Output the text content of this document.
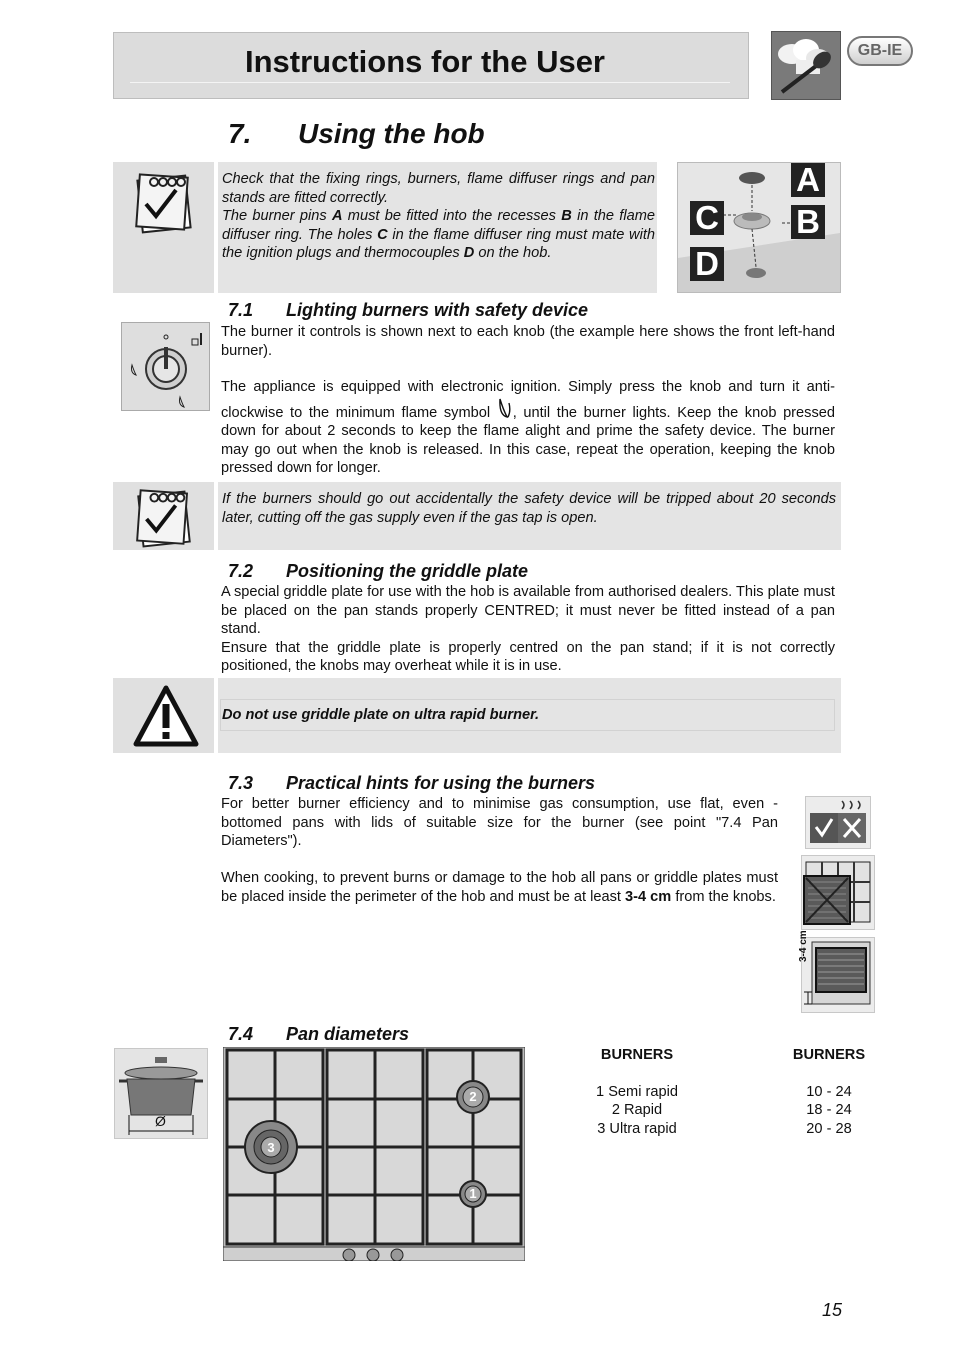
Instructions for the User	GB-IE
7. Using the hob
Check that the fixing rings, burners, flame diffuser rings and pan stands are fitted correctly.
The burner pins A must be fitted into the recesses B in the flame diffuser ring. The holes C in the flame diffuser ring must mate with the ignition plugs and thermocouples D on the hob.
A
B
C
D
7.1 Lighting burners with safety device
The burner it controls is shown next to each knob (the example here shows the front left-hand burner).
The appliance is equipped with electronic ignition. Simply press the knob and turn it anti-clockwise to the minimum flame symbol , until the burner lights. Keep the knob pressed down for about 2 seconds to keep the flame alight and prime the safety device. The burner may go out when the knob is released. In this case, repeat the operation, keeping the knob pressed down for longer.
If the burners should go out accidentally the safety device will be tripped about 20 seconds later, cutting off the gas supply even if the gas tap is open.
7.2 Positioning the griddle plate
A special griddle plate for use with the hob is available from authorised dealers. This plate must be placed on the pan stands properly CENTRED; it must never be fitted instead of a pan stand.
Ensure that the griddle plate is properly centred on the pan stand; if it is not correctly positioned, the knobs may overheat while it is in use.
Do not use griddle plate on ultra rapid burner.
7.3 Practical hints for using the burners
For better burner efficiency and to minimise gas consumption, use flat, even - bottomed pans with lids of suitable size for the burner (see point "7.4 Pan Diameters").
When cooking, to prevent burns or damage to the hob all pans or griddle plates must be placed inside the perimeter of the hob and must be at least 3-4 cm from the knobs.
3-4 cm
7.4 Pan diameters
Ø
3
2
1
BURNERS	BURNERS

1 Semi rapid	10 - 24
2 Rapid	18 - 24
3 Ultra rapid	20 - 28
15
